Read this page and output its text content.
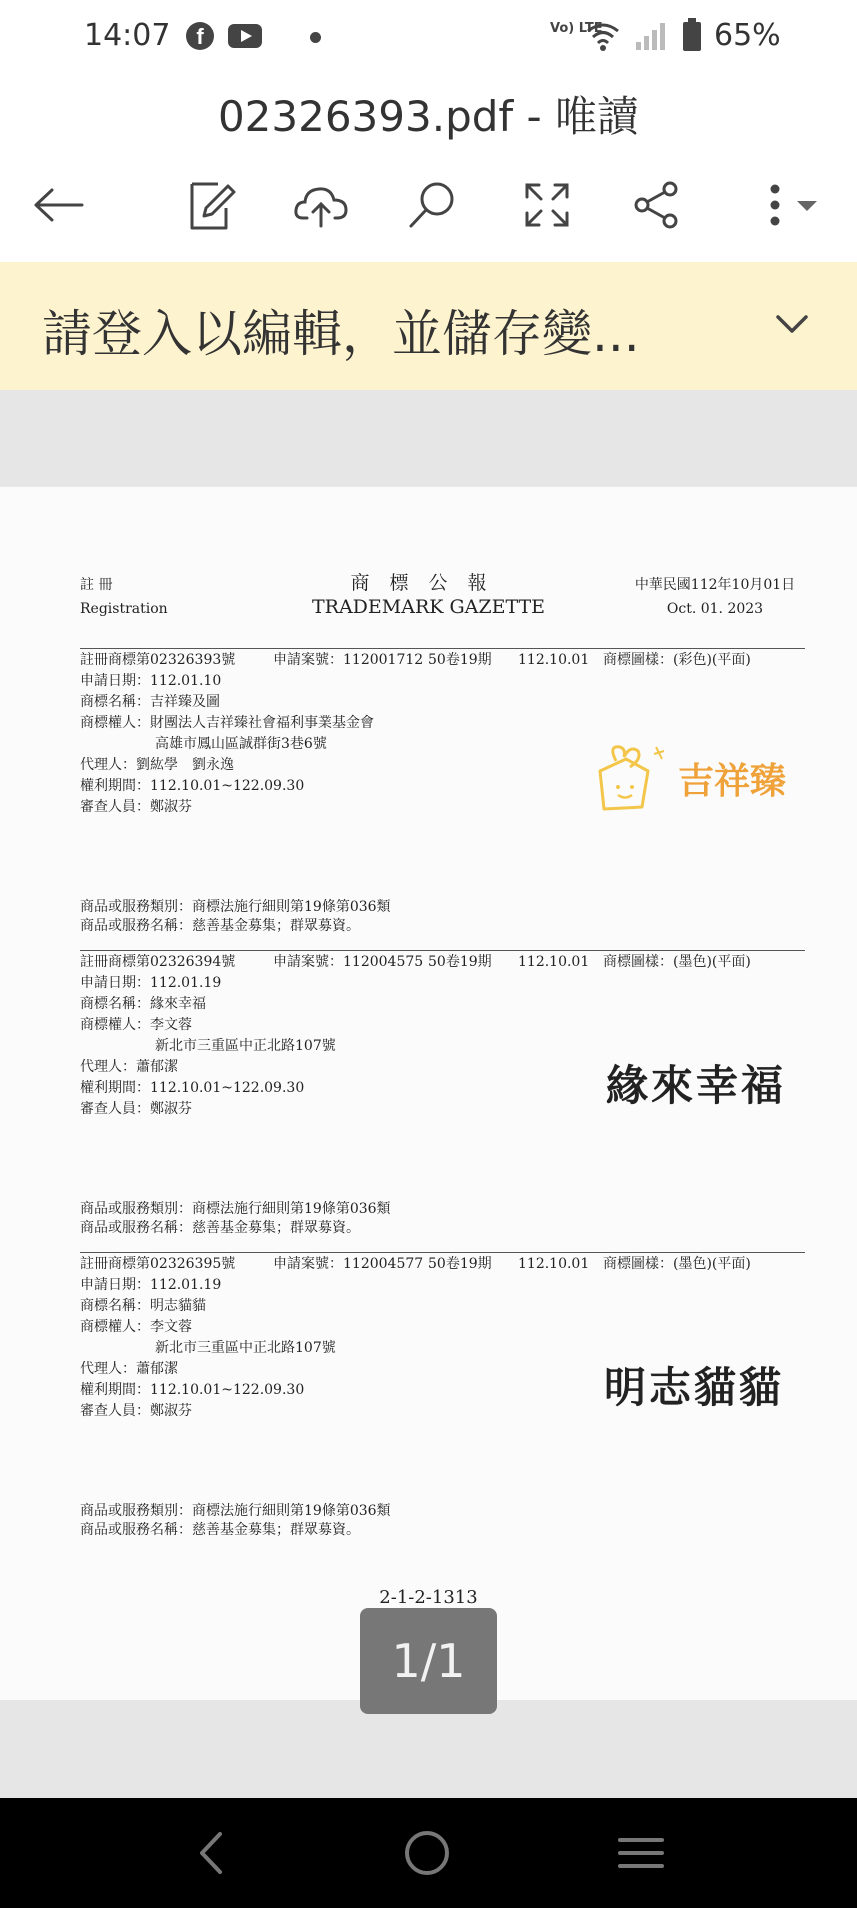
14:07	f	Vo) LTE	65%
02326393.pdf - 唯讀
請登入以編輯，並儲存變...
註 冊
Registration
商標公報
TRADEMARK GAZETTE
中華民國112年10月01日
Oct. 01. 2023
註冊商標第02326393號	申請案號：112001712 50卷19期 112.10.01 商標圖樣：(彩色)(平面)
申請日期：112.01.10
商標名稱：吉祥臻及圖
商標權人：財團法人吉祥臻社會福利事業基金會
高雄市鳳山區誠群街3巷6號
代理人：劉紘學　劉永逸
權利期間：112.10.01~122.09.30
審查人員：鄭淑芬
吉祥臻
商品或服務類別：商標法施行細則第19條第036類
商品或服務名稱：慈善基金募集；群眾募資。
註冊商標第02326394號	申請案號：112004575 50卷19期 112.10.01 商標圖樣：(墨色)(平面)
申請日期：112.01.19
商標名稱：緣來幸福
商標權人：李文蓉
新北市三重區中正北路107號
代理人：蕭郁潔
權利期間：112.10.01~122.09.30
審查人員：鄭淑芬	緣來幸福
商品或服務類別：商標法施行細則第19條第036類
商品或服務名稱：慈善基金募集；群眾募資。
註冊商標第02326395號	申請案號：112004577 50卷19期 112.10.01 商標圖樣：(墨色)(平面)
申請日期：112.01.19
商標名稱：明志貓貓
商標權人：李文蓉
新北市三重區中正北路107號
代理人：蕭郁潔
權利期間：112.10.01~122.09.30
審查人員：鄭淑芬	明志貓貓
商品或服務類別：商標法施行細則第19條第036類
商品或服務名稱：慈善基金募集；群眾募資。
2-1-2-1313
1/1
